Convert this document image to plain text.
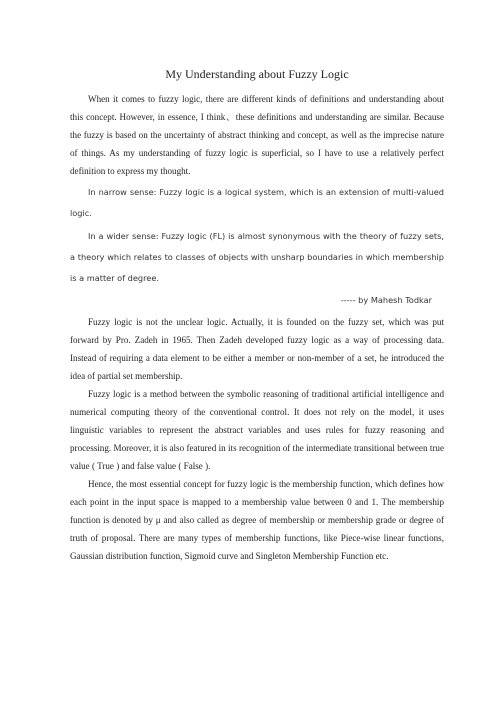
My Understanding about Fuzzy Logic

When it comes to fuzzy logic, there are different kinds of definitions and understanding about this concept. However, in essence, I think、these definitions and understanding are similar. Because the fuzzy is based on the uncertainty of abstract thinking and concept, as well as the imprecise nature of things. As my understanding of fuzzy logic is superficial, so I have to use a relatively perfect definition to express my thought.

In narrow sense: Fuzzy logic is a logical system, which is an extension of multi-valued logic.

In a wider sense: Fuzzy logic (FL) is almost synonymous with the theory of fuzzy sets, a theory which relates to classes of objects with unsharp boundaries in which membership is a matter of degree.

----- by Mahesh Todkar

Fuzzy logic is not the unclear logic. Actually, it is founded on the fuzzy set, which was put forward by Pro. Zadeh in 1965. Then Zadeh developed fuzzy logic as a way of processing data. Instead of requiring a data element to be either a member or non-member of a set, he introduced the idea of partial set membership.

Fuzzy logic is a method between the symbolic reasoning of traditional artificial intelligence and numerical computing theory of the conventional control. It does not rely on the model, it uses linguistic variables to represent the abstract variables and uses rules for fuzzy reasoning and processing. Moreover, it is also featured in its recognition of the intermediate transitional between true value ( True ) and false value ( False ).

Hence, the most essential concept for fuzzy logic is the membership function, which defines how each point in the input space is mapped to a membership value between 0 and 1. The membership function is denoted by μ and also called as degree of membership or membership grade or degree of truth of proposal. There are many types of membership functions, like Piece-wise linear functions, Gaussian distribution function, Sigmoid curve and Singleton Membership Function etc.
